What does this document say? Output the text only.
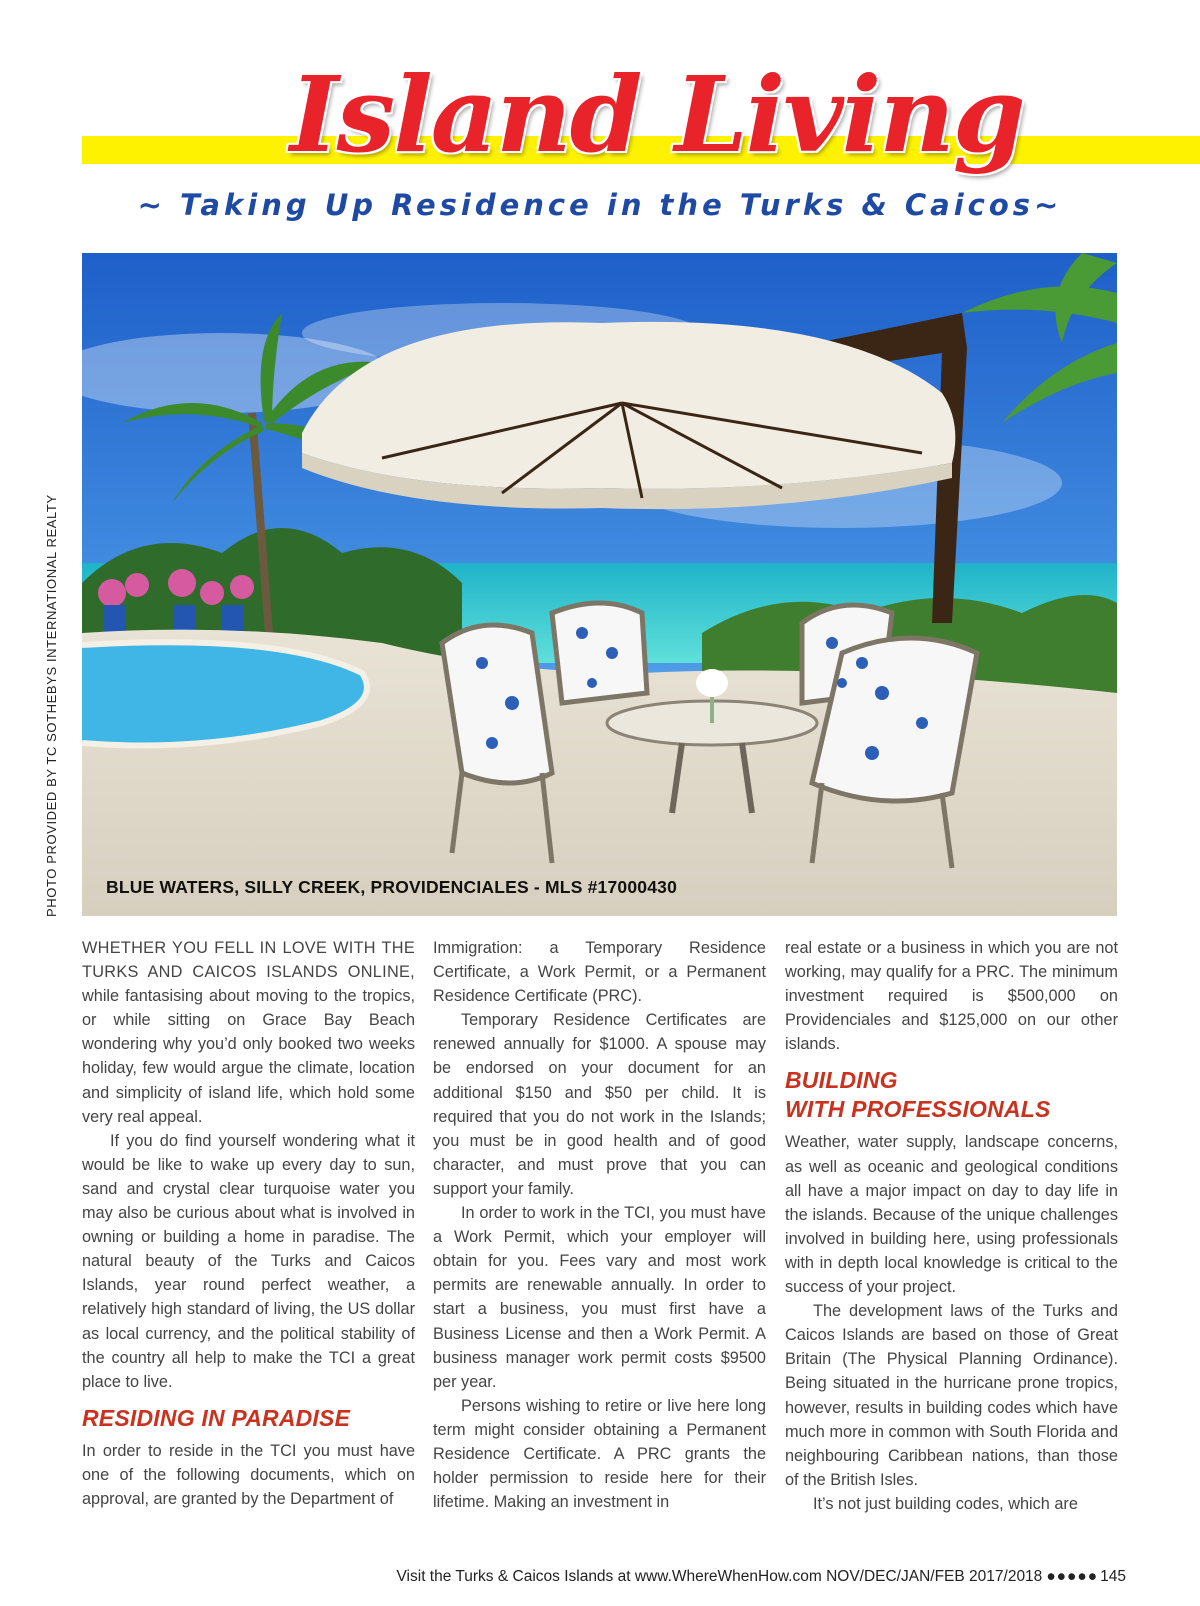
Island Living
~ Taking Up Residence in the Turks & Caicos~
PHOTO PROVIDED BY TC SOTHEBYS INTERNATIONAL REALTY	BLUE WATERS, SILLY CREEK, PROVIDENCIALES - MLS #17000430

WHETHER YOU FELL IN LOVE WITH THE TURKS AND CAICOS ISLANDS ONLINE, while fantasising about moving to the tropics, or while sitting on Grace Bay Beach wondering why you’d only booked two weeks holiday, few would argue the climate, location and simplicity of island life, which hold some very real appeal.

If you do find yourself wondering what it would be like to wake up every day to sun, sand and crystal clear turquoise water you may also be curious about what is involved in owning or building a home in paradise. The natural beauty of the Turks and Caicos Islands, year round perfect weather, a relatively high standard of living, the US dollar as local currency, and the political stability of the country all help to make the TCI a great place to live.

RESIDING IN PARADISE

In order to reside in the TCI you must have one of the following documents, which on approval, are granted by the Department of

Immigration: a Temporary Residence Certificate, a Work Permit, or a Permanent Residence Certificate (PRC).

Temporary Residence Certificates are renewed annually for $1000. A spouse may be endorsed on your document for an additional $150 and $50 per child. It is required that you do not work in the Islands; you must be in good health and of good character, and must prove that you can support your family.

In order to work in the TCI, you must have a Work Permit, which your employer will obtain for you. Fees vary and most work permits are renewable annually. In order to start a business, you must first have a Business License and then a Work Permit. A business manager work permit costs $9500 per year.

Persons wishing to retire or live here long term might consider obtaining a Permanent Residence Certificate. A PRC grants the holder permission to reside here for their lifetime. Making an investment in

real estate or a business in which you are not working, may qualify for a PRC. The minimum investment required is $500,000 on Providenciales and $125,000 on our other islands.

BUILDING
WITH PROFESSIONALS

Weather, water supply, landscape concerns, as well as oceanic and geological conditions all have a major impact on day to day life in the islands. Because of the unique challenges involved in building here, using professionals with in depth local knowledge is critical to the success of your project.

The development laws of the Turks and Caicos Islands are based on those of Great Britain (The Physical Planning Ordinance). Being situated in the hurricane prone tropics, however, results in building codes which have much more in common with South Florida and neighbouring Caribbean nations, than those of the British Isles.

It’s not just building codes, which are

Visit the Turks & Caicos Islands at www.WhereWhenHow.com NOV/DEC/JAN/FEB 2017/2018 ●●●●● 145
